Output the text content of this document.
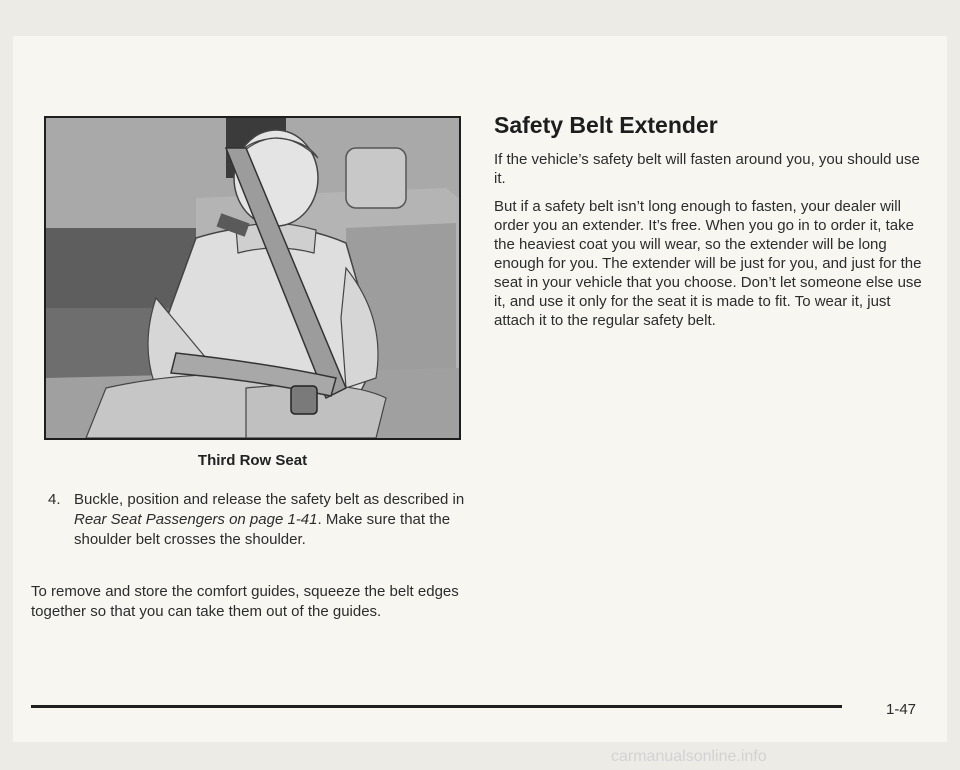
Third Row Seat
4. Buckle, position and release the safety belt as described in Rear Seat Passengers on page 1-41. Make sure that the shoulder belt crosses the shoulder.
To remove and store the comfort guides, squeeze the belt edges together so that you can take them out of the guides.
Safety Belt Extender

If the vehicle’s safety belt will fasten around you, you should use it.

But if a safety belt isn’t long enough to fasten, your dealer will order you an extender. It’s free. When you go in to order it, take the heaviest coat you will wear, so the extender will be long enough for you. The extender will be just for you, and just for the seat in your vehicle that you choose. Don’t let someone else use it, and use it only for the seat it is made to fit. To wear it, just attach it to the regular safety belt.

1-47
carmanualsonline.info
